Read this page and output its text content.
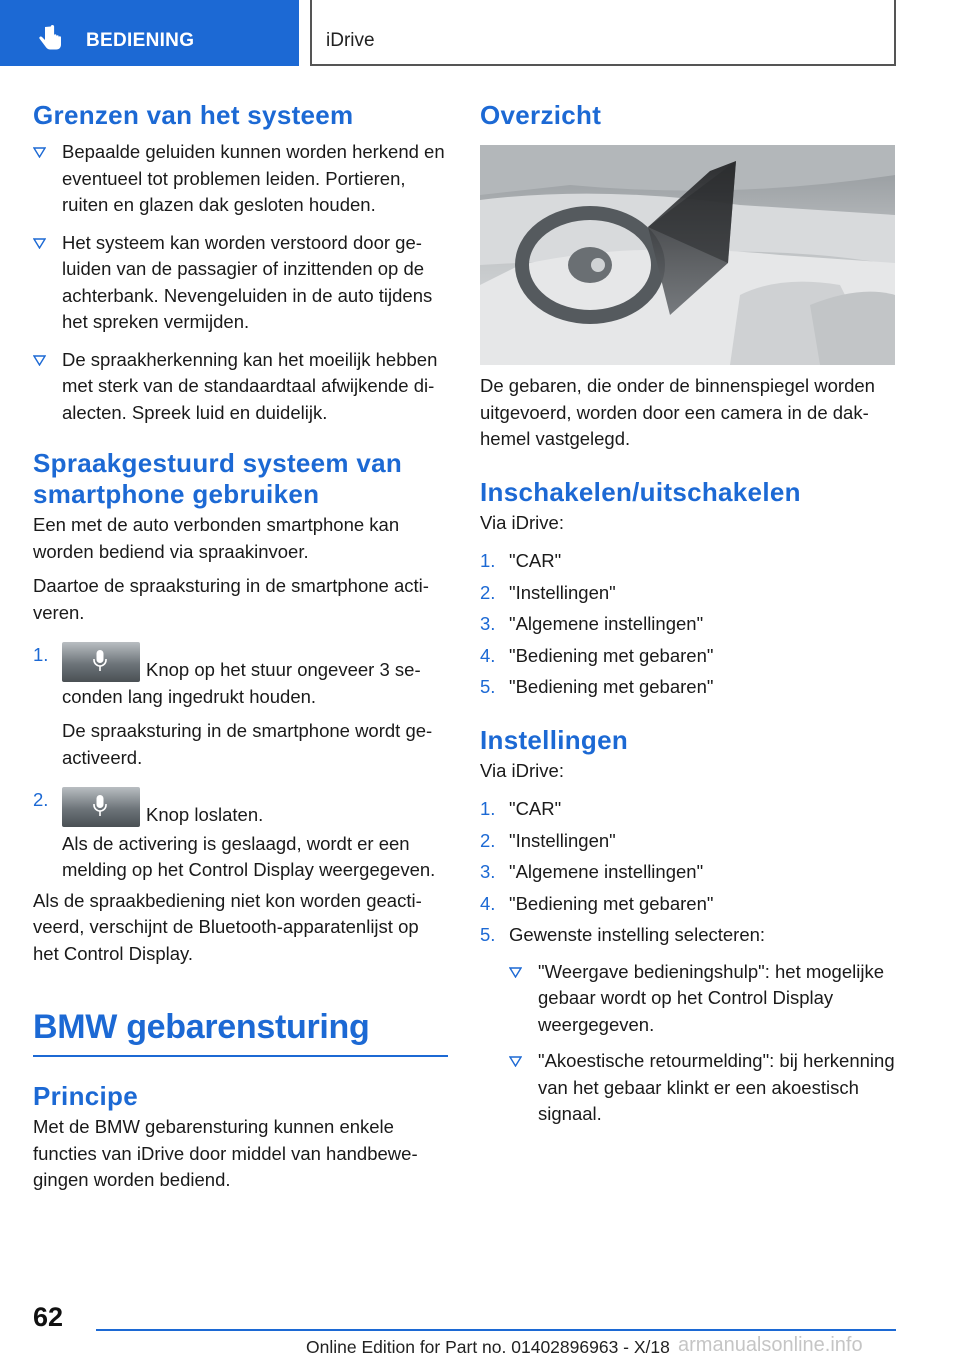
BEDIENING	iDrive
Grenzen van het systeem
Bepaalde geluiden kunnen worden herkend en eventueel tot problemen leiden. Portieren, ruiten en glazen dak gesloten houden.
Het systeem kan worden verstoord door geluiden van de passagier of inzittenden op de achterbank. Nevengeluiden in de auto tijdens het spreken vermijden.
De spraakherkenning kan het moeilijk hebben met sterk van de standaardtaal afwijkende dialecten. Spreek luid en duidelijk.
Spraakgestuurd systeem van smartphone gebruiken

Een met de auto verbonden smartphone kan worden bediend via spraakinvoer.

Daartoe de spraaksturing in de smartphone activeren.

1.
Knop op het stuur ongeveer 3 seconden lang ingedrukt houden.

De spraaksturing in de smartphone wordt geactiveerd.

2.
Knop loslaten.

Als de activering is geslaagd, wordt er een melding op het Control Display weergegeven.

Als de spraakbediening niet kon worden geactiveerd, verschijnt de Bluetooth-apparatenlijst op het Control Display.

BMW gebarensturing
Principe

Met de BMW gebarensturing kunnen enkele functies van iDrive door middel van handbewegingen worden bediend.

Overzicht

De gebaren, die onder de binnenspiegel worden uitgevoerd, worden door een camera in de dakhemel vastgelegd.

Inschakelen/uitschakelen

Via iDrive:

1. "CAR"
2. "Instellingen"
3. "Algemene instellingen"
4. "Bediening met gebaren"
5. "Bediening met gebaren"
Instellingen

Via iDrive:

1. "CAR"
2. "Instellingen"
3. "Algemene instellingen"
4. "Bediening met gebaren"
5. Gewenste instelling selecteren:
"Weergave bedieningshulp": het mogelijke gebaar wordt op het Control Display weergegeven.
"Akoestische retourmelding": bij herkenning van het gebaar klinkt er een akoestisch signaal.
62
Online Edition for Part no. 01402896963 - X/18 armanualsonline.info
